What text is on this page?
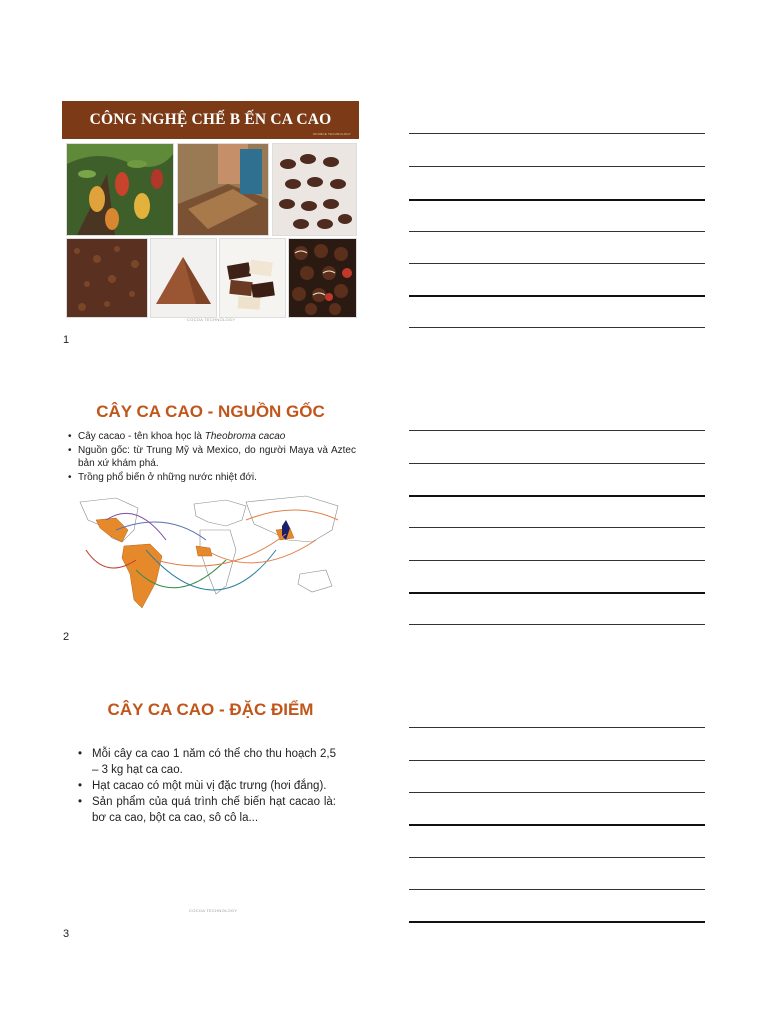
CÔNG NGHỆ CHẾ B ẾN CA CAO
SOURCE TECHNOLOGY
COCOA TECHNOLOGY
1
CÂY CA CAO - NGUỒN GỐC
• Cây cacao - tên khoa học là Theobroma cacao
• Nguồn gốc: từ Trung Mỹ và Mexico, do người Maya và Aztec bản xứ khám phá.
• Trồng phổ biến ở những nước nhiệt đới.
2
CÂY CA CAO - ĐẶC ĐIỂM
• Mỗi cây ca cao 1 năm có thể cho thu hoạch 2,5 – 3 kg hạt ca cao.
• Hạt cacao có một mùi vị đặc trưng (hơi đắng).
• Sản phẩm của quá trình chế biến hạt cacao là: bơ ca cao, bột ca cao, sô cô la...
COCOA TECHNOLOGY
3
